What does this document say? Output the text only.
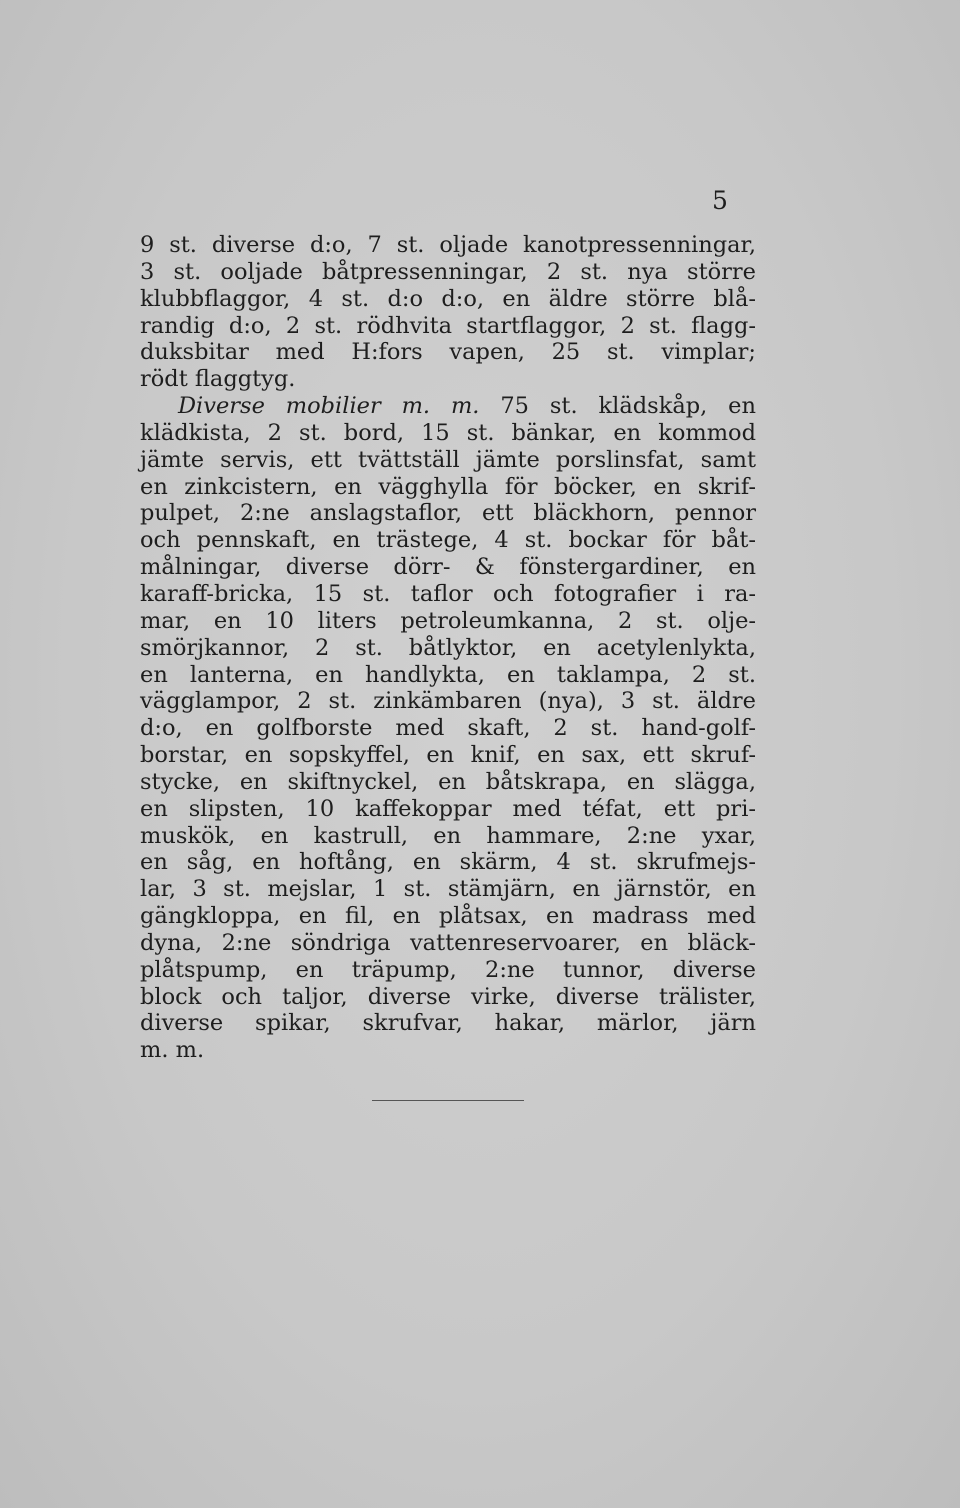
5
9 st. diverse d:o, 7 st. oljade kanotpressenningar,
3 st. ooljade båtpressenningar, 2 st. nya större
klubbflaggor, 4 st. d:o d:o, en äldre större blå-
randig d:o, 2 st. rödhvita startflaggor, 2 st. flagg-
duksbitar med H:fors vapen, 25 st. vimplar;
rödt flaggtyg.
Diverse mobilier m. m. 75 st. klädskåp, en
klädkista, 2 st. bord, 15 st. bänkar, en kommod
jämte servis, ett tvättställ jämte porslinsfat, samt
en zinkcistern, en vägghylla för böcker, en skrif-
pulpet, 2:ne anslagstaflor, ett bläckhorn, pennor
och pennskaft, en trästege, 4 st. bockar för båt-
målningar, diverse dörr- & fönstergardiner, en
karaff-bricka, 15 st. taflor och fotografier i ra-
mar, en 10 liters petroleumkanna, 2 st. olje-
smörjkannor, 2 st. båtlyktor, en acetylenlykta,
en lanterna, en handlykta, en taklampa, 2 st.
vägglampor, 2 st. zinkämbaren (nya), 3 st. äldre
d:o, en golfborste med skaft, 2 st. hand-golf-
borstar, en sopskyffel, en knif, en sax, ett skruf-
stycke, en skiftnyckel, en båtskrapa, en slägga,
en slipsten, 10 kaffekoppar med téfat, ett pri-
muskök, en kastrull, en hammare, 2:ne yxar,
en såg, en hoftång, en skärm, 4 st. skrufmejs-
lar, 3 st. mejslar, 1 st. stämjärn, en järnstör, en
gängkloppa, en fil, en plåtsax, en madrass med
dyna, 2:ne söndriga vattenreservoarer, en bläck-
plåtspump, en träpump, 2:ne tunnor, diverse
block och taljor, diverse virke, diverse trälister,
diverse spikar, skrufvar, hakar, märlor, järn
m. m.
